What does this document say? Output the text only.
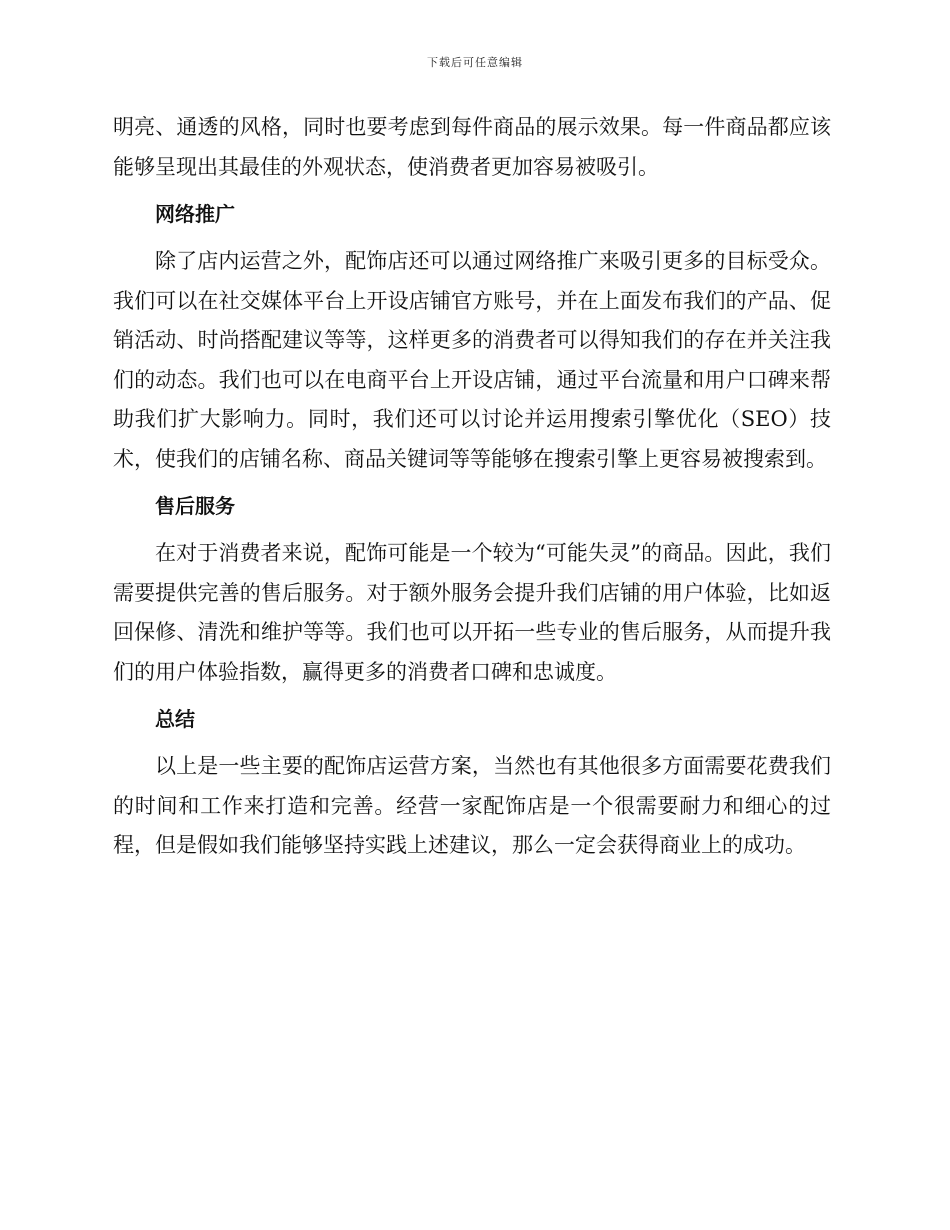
下载后可任意编辑

明亮、通透的风格，同时也要考虑到每件商品的展示效果。每一件商品都应该能够呈现出其最佳的外观状态，使消费者更加容易被吸引。

网络推广

除了店内运营之外，配饰店还可以通过网络推广来吸引更多的目标受众。我们可以在社交媒体平台上开设店铺官方账号，并在上面发布我们的产品、促销活动、时尚搭配建议等等，这样更多的消费者可以得知我们的存在并关注我们的动态。我们也可以在电商平台上开设店铺，通过平台流量和用户口碑来帮助我们扩大影响力。同时，我们还可以讨论并运用搜索引擎优化（SEO）技术，使我们的店铺名称、商品关键词等等能够在搜索引擎上更容易被搜索到。

售后服务

在对于消费者来说，配饰可能是一个较为“可能失灵”的商品。因此，我们需要提供完善的售后服务。对于额外服务会提升我们店铺的用户体验，比如返回保修、清洗和维护等等。我们也可以开拓一些专业的售后服务，从而提升我们的用户体验指数，赢得更多的消费者口碑和忠诚度。

总结

以上是一些主要的配饰店运营方案，当然也有其他很多方面需要花费我们的时间和工作来打造和完善。经营一家配饰店是一个很需要耐力和细心的过程，但是假如我们能够坚持实践上述建议，那么一定会获得商业上的成功。
